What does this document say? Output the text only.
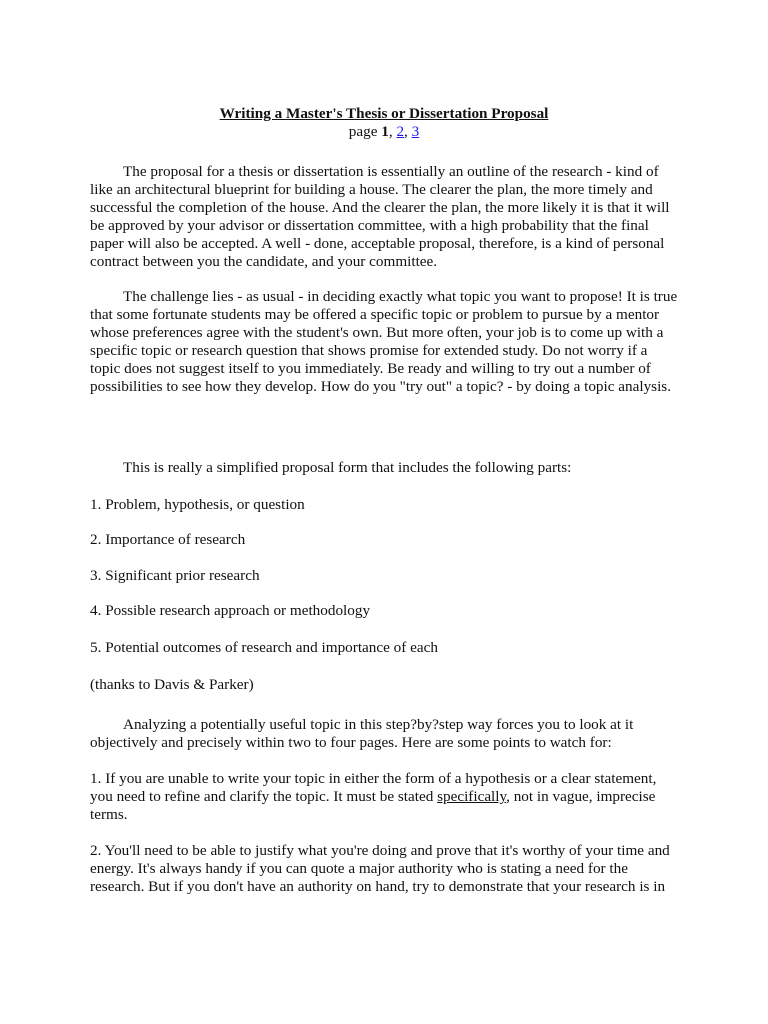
Writing a Master's Thesis or Dissertation Proposal
page 1, 2, 3

The proposal for a thesis or dissertation is essentially an outline of the research - kind of like an architectural blueprint for building a house. The clearer the plan, the more timely and successful the completion of the house. And the clearer the plan, the more likely it is that it will be approved by your advisor or dissertation committee, with a high probability that the final paper will also be accepted. A well - done, acceptable proposal, therefore, is a kind of personal contract between you the candidate, and your committee.

The challenge lies - as usual - in deciding exactly what topic you want to propose! It is true that some fortunate students may be offered a specific topic or problem to pursue by a mentor whose preferences agree with the student's own. But more often, your job is to come up with a specific topic or research question that shows promise for extended study. Do not worry if a topic does not suggest itself to you immediately. Be ready and willing to try out a number of possibilities to see how they develop. How do you "try out" a topic? - by doing a topic analysis.

This is really a simplified proposal form that includes the following parts:

1. Problem, hypothesis, or question

2. Importance of research

3. Significant prior research

4. Possible research approach or methodology

5. Potential outcomes of research and importance of each

(thanks to Davis & Parker)

Analyzing a potentially useful topic in this step?by?step way forces you to look at it objectively and precisely within two to four pages. Here are some points to watch for:

1. If you are unable to write your topic in either the form of a hypothesis or a clear statement, you need to refine and clarify the topic. It must be stated specifically, not in vague, imprecise terms.

2. You'll need to be able to justify what you're doing and prove that it's worthy of your time and energy. It's always handy if you can quote a major authority who is stating a need for the research. But if you don't have an authority on hand, try to demonstrate that your research is in
